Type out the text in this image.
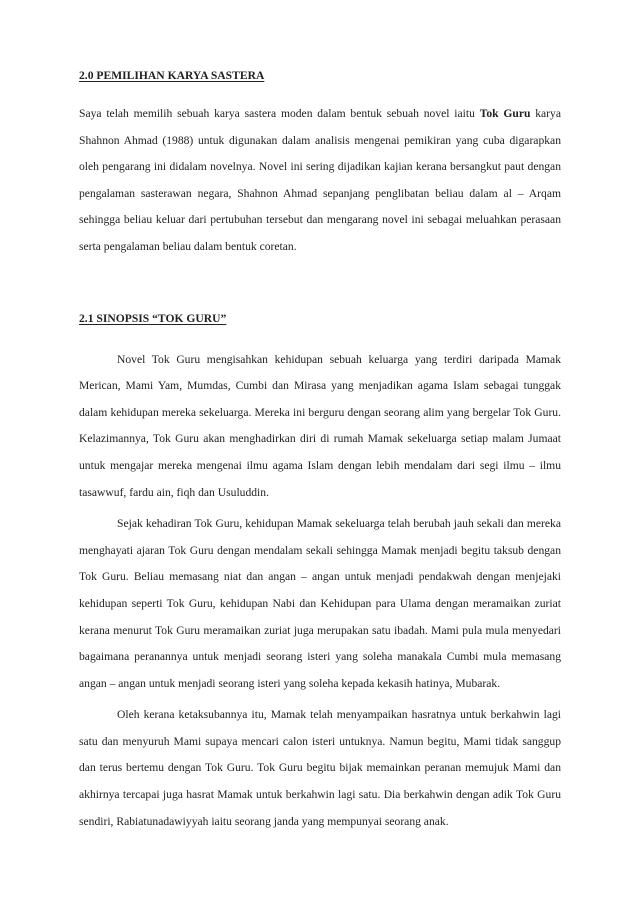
2.0 PEMILIHAN KARYA SASTERA

Saya telah memilih sebuah karya sastera moden dalam bentuk sebuah novel iaitu Tok Guru karya Shahnon Ahmad (1988) untuk digunakan dalam analisis mengenai pemikiran yang cuba digarapkan oleh pengarang ini didalam novelnya. Novel ini sering dijadikan kajian kerana bersangkut paut dengan pengalaman sasterawan negara, Shahnon Ahmad sepanjang penglibatan beliau dalam al – Arqam sehingga beliau keluar dari pertubuhan tersebut dan mengarang novel ini sebagai meluahkan perasaan serta pengalaman beliau dalam bentuk coretan.

2.1 SINOPSIS “TOK GURU”

Novel Tok Guru mengisahkan kehidupan sebuah keluarga yang terdiri daripada Mamak Merican, Mami Yam, Mumdas, Cumbi dan Mirasa yang menjadikan agama Islam sebagai tunggak dalam kehidupan mereka sekeluarga. Mereka ini berguru dengan seorang alim yang bergelar Tok Guru. Kelazimannya, Tok Guru akan menghadirkan diri di rumah Mamak sekeluarga setiap malam Jumaat untuk mengajar mereka mengenai ilmu agama Islam dengan lebih mendalam dari segi ilmu – ilmu tasawwuf, fardu ain, fiqh dan Usuluddin.

Sejak kehadiran Tok Guru, kehidupan Mamak sekeluarga telah berubah jauh sekali dan mereka menghayati ajaran Tok Guru dengan mendalam sekali sehingga Mamak menjadi begitu taksub dengan Tok Guru. Beliau memasang niat dan angan – angan untuk menjadi pendakwah dengan menjejaki kehidupan seperti Tok Guru, kehidupan Nabi dan Kehidupan para Ulama dengan meramaikan zuriat kerana menurut Tok Guru meramaikan zuriat juga merupakan satu ibadah. Mami pula mula menyedari bagaimana peranannya untuk menjadi seorang isteri yang soleha manakala Cumbi mula memasang angan – angan untuk menjadi seorang isteri yang soleha kepada kekasih hatinya, Mubarak.

Oleh kerana ketaksubannya itu, Mamak telah menyampaikan hasratnya untuk berkahwin lagi satu dan menyuruh Mami supaya mencari calon isteri untuknya. Namun begitu, Mami tidak sanggup dan terus bertemu dengan Tok Guru. Tok Guru begitu bijak memainkan peranan memujuk Mami dan akhirnya tercapai juga hasrat Mamak untuk berkahwin lagi satu. Dia berkahwin dengan adik Tok Guru sendiri, Rabiatunadawiyyah iaitu seorang janda yang mempunyai seorang anak.
